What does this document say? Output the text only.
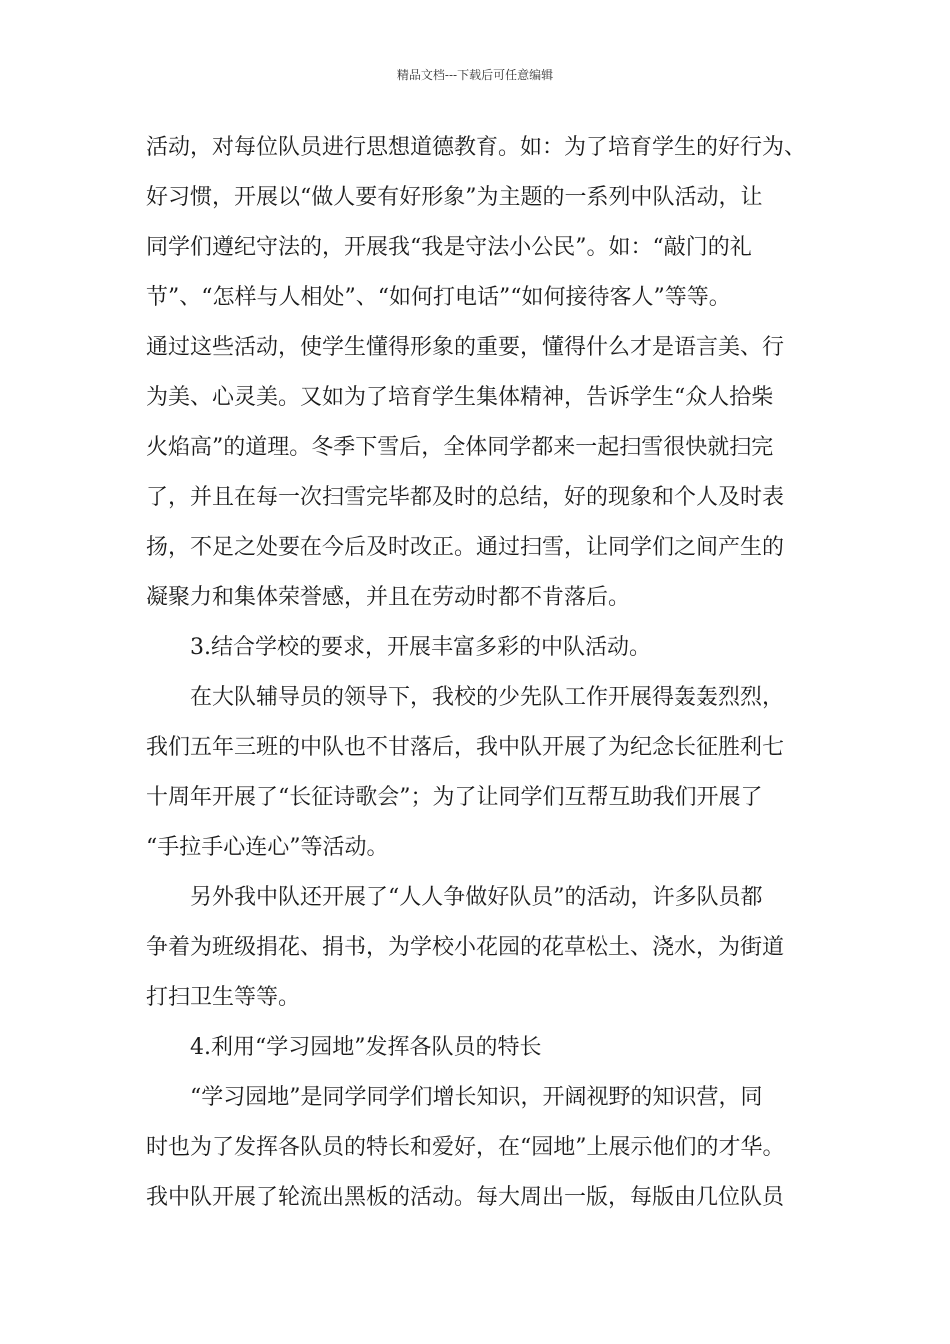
精品文档---下载后可任意编辑
活动，对每位队员进行思想道德教育。如：为了培育学生的好行为、
好习惯，开展以“做人要有好形象”为主题的一系列中队活动，让
同学们遵纪守法的，开展我“我是守法小公民”。如：“敲门的礼
节”、“怎样与人相处”、“如何打电话”“如何接待客人”等等。
通过这些活动，使学生懂得形象的重要，懂得什么才是语言美、行
为美、心灵美。又如为了培育学生集体精神，告诉学生“众人拾柴
火焰高”的道理。冬季下雪后，全体同学都来一起扫雪很快就扫完
了，并且在每一次扫雪完毕都及时的总结，好的现象和个人及时表
扬，不足之处要在今后及时改正。通过扫雪，让同学们之间产生的
凝聚力和集体荣誉感，并且在劳动时都不肯落后。
3.结合学校的要求，开展丰富多彩的中队活动。
在大队辅导员的领导下，我校的少先队工作开展得轰轰烈烈，
我们五年三班的中队也不甘落后，我中队开展了为纪念长征胜利七
十周年开展了“长征诗歌会”；为了让同学们互帮互助我们开展了
“手拉手心连心”等活动。
另外我中队还开展了“人人争做好队员”的活动，许多队员都
争着为班级捐花、捐书，为学校小花园的花草松土、浇水，为街道
打扫卫生等等。
4.利用“学习园地”发挥各队员的特长
“学习园地”是同学同学们增长知识，开阔视野的知识营，同
时也为了发挥各队员的特长和爱好，在“园地”上展示他们的才华。
我中队开展了轮流出黑板的活动。每大周出一版，每版由几位队员
